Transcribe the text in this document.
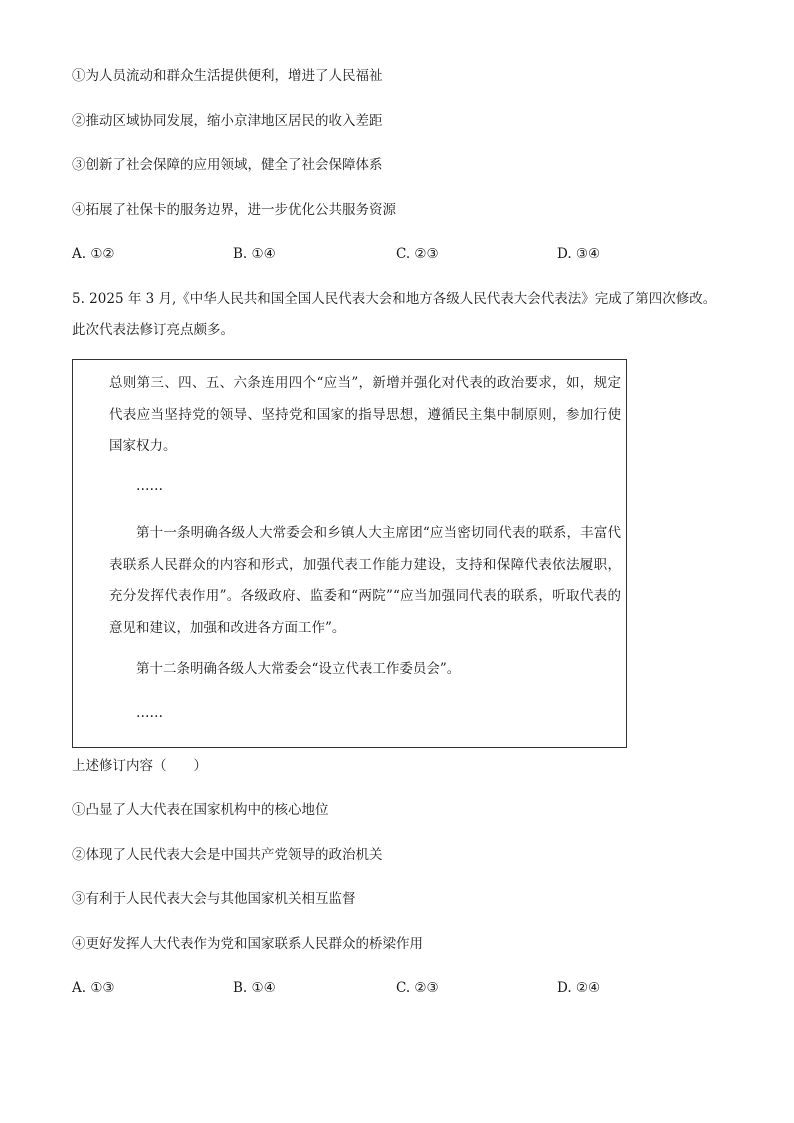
①为人员流动和群众生活提供便利，增进了人民福祉
②推动区域协同发展，缩小京津地区居民的收入差距
③创新了社会保障的应用领域，健全了社会保障体系
④拓展了社保卡的服务边界，进一步优化公共服务资源
A. ①②	B. ①④	C. ②③	D. ③④
5. 2025 年 3 月,《中华人民共和国全国人民代表大会和地方各级人民代表大会代表法》完成了第四次修改。
此次代表法修订亮点颇多。
总则第三、四、五、六条连用四个“应当”，新增并强化对代表的政治要求，如，规定代表应当坚持党的领导、坚持党和国家的指导思想，遵循民主集中制原则，参加行使国家权力。
……
第十一条明确各级人大常委会和乡镇人大主席团“应当密切同代表的联系，丰富代表联系人民群众的内容和形式，加强代表工作能力建设，支持和保障代表依法履职，充分发挥代表作用”。各级政府、监委和“两院”“应当加强同代表的联系，听取代表的意见和建议，加强和改进各方面工作”。
第十二条明确各级人大常委会“设立代表工作委员会”。
……
上述修订内容（　　）
①凸显了人大代表在国家机构中的核心地位
②体现了人民代表大会是中国共产党领导的政治机关
③有利于人民代表大会与其他国家机关相互监督
④更好发挥人大代表作为党和国家联系人民群众的桥梁作用
A. ①③	B. ①④	C. ②③	D. ②④
